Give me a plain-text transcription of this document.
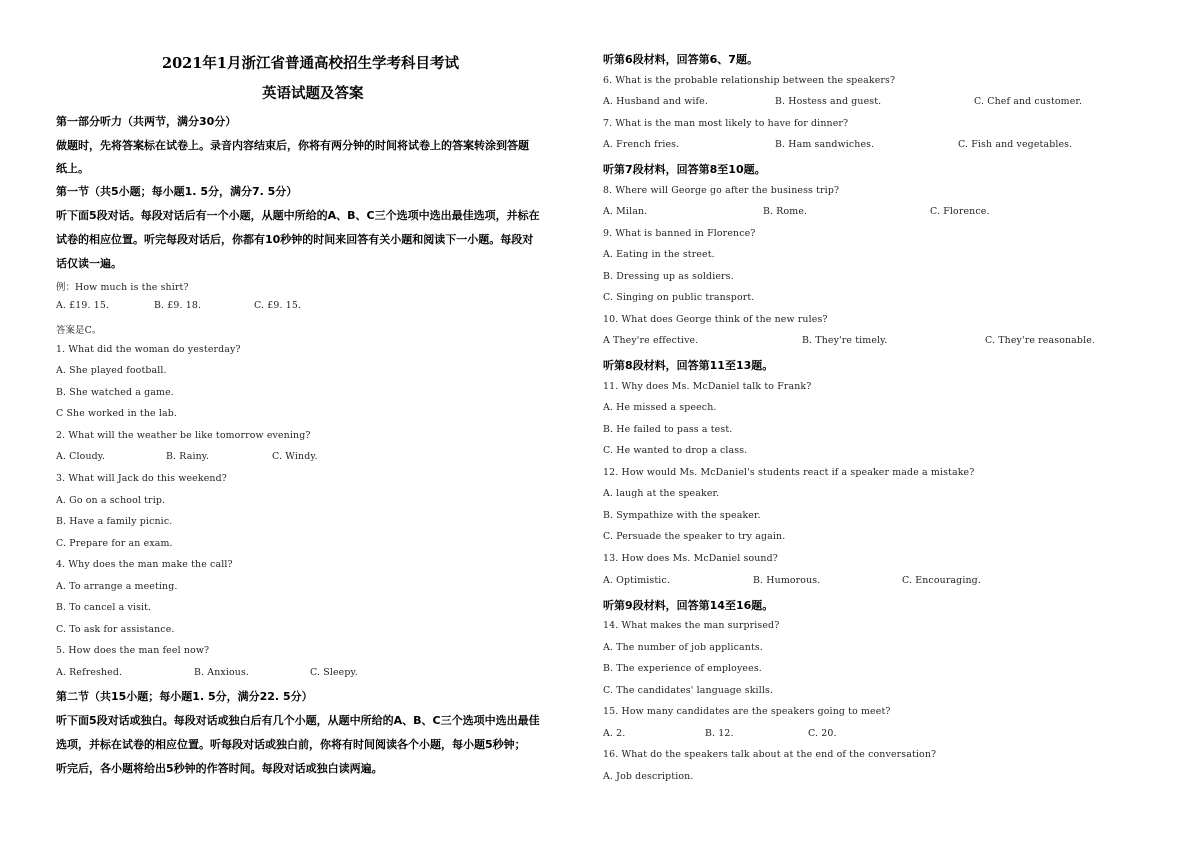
2021年1月浙江省普通高校招生学考科目考试
英语试题及答案
第一部分听力（共两节，满分30分）
做题时，先将答案标在试卷上。录音内容结束后，你将有两分钟的时间将试卷上的答案转涂到答题
纸上。
第一节（共5小题；每小题1. 5分，满分7. 5分）
听下面5段对话。每段对话后有一个小题，从题中所给的A、B、C三个选项中选出最佳选项，并标在
试卷的相应位置。听完每段对话后，你都有10秒钟的时间来回答有关小题和阅读下一小题。每段对
话仅读一遍。
例：How much is the shirt?
A. £19. 15.	B. £9. 18.	C. £9. 15.
答案是C。
1. What did the woman do yesterday?
A. She played football.
B. She watched a game.
C She worked in the lab.
2. What will the weather be like tomorrow evening?
A. Cloudy.	B. Rainy.	C. Windy.
3. What will Jack do this weekend?
A. Go on a school trip.
B. Have a family picnic.
C. Prepare for an exam.
4. Why does the man make the call?
A. To arrange a meeting.
B. To cancel a visit.
C. To ask for assistance.
5. How does the man feel now?
A. Refreshed.	B. Anxious.	C. Sleepy.
第二节（共15小题；每小题1. 5分，满分22. 5分）
听下面5段对话或独白。每段对话或独白后有几个小题，从题中所给的A、B、C三个选项中选出最佳
选项，并标在试卷的相应位置。听每段对话或独白前，你将有时间阅读各个小题，每小题5秒钟；
听完后，各小题将给出5秒钟的作答时间。每段对话或独白读两遍。
听第6段材料，回答第6、7题。
6. What is the probable relationship between the speakers?
A. Husband and wife.	B. Hostess and guest.	C. Chef and customer.
7. What is the man most likely to have for dinner?
A. French fries.	B. Ham sandwiches.	C. Fish and vegetables.
听第7段材料，回答第8至10题。
8. Where will George go after the business trip?
A. Milan.	B. Rome.	C. Florence.
9. What is banned in Florence?
A. Eating in the street.
B. Dressing up as soldiers.
C. Singing on public transport.
10. What does George think of the new rules?
A They're effective.	B. They're timely.	C. They're reasonable.
听第8段材料，回答第11至13题。
11. Why does Ms. McDaniel talk to Frank?
A. He missed a speech.
B. He failed to pass a test.
C. He wanted to drop a class.
12. How would Ms. McDaniel's students react if a speaker made a mistake?
A. laugh at the speaker.
B. Sympathize with the speaker.
C. Persuade the speaker to try again.
13. How does Ms. McDaniel sound?
A. Optimistic.	B. Humorous.	C. Encouraging.
听第9段材料，回答第14至16题。
14. What makes the man surprised?
A. The number of job applicants.
B. The experience of employees.
C. The candidates' language skills.
15. How many candidates are the speakers going to meet?
A. 2.	B. 12.	C. 20.
16. What do the speakers talk about at the end of the conversation?
A. Job description.
